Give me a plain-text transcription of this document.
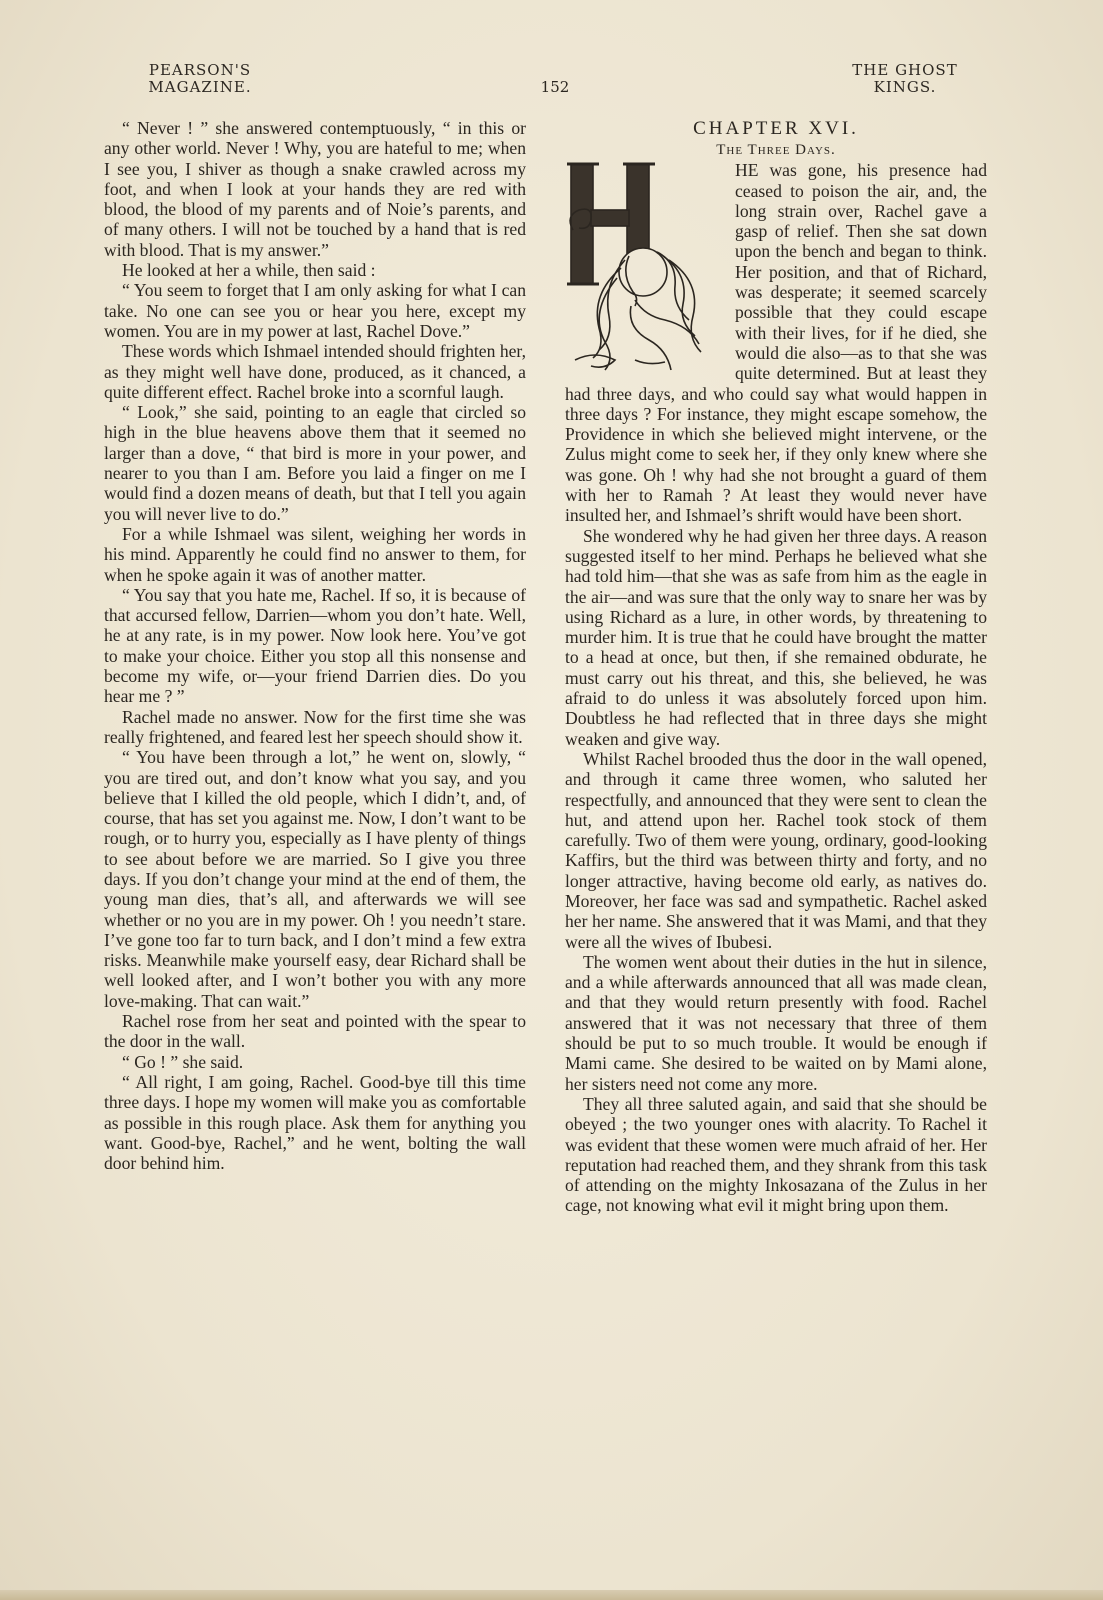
PEARSON'S
MAGAZINE.	152
THE GHOST
KINGS.

“ Never ! ” she answered contemptuously, “ in this or any other world. Never ! Why, you are hateful to me; when I see you, I shiver as though a snake crawled across my foot, and when I look at your hands they are red with blood, the blood of my parents and of Noie’s parents, and of many others. I will not be touched by a hand that is red with blood. That is my answer.”

He looked at her a while, then said :

“ You seem to forget that I am only asking for what I can take. No one can see you or hear you here, except my women. You are in my power at last, Rachel Dove.”

These words which Ishmael intended should frighten her, as they might well have done, produced, as it chanced, a quite different effect. Rachel broke into a scornful laugh.

“ Look,” she said, pointing to an eagle that circled so high in the blue heavens above them that it seemed no larger than a dove, “ that bird is more in your power, and nearer to you than I am. Before you laid a finger on me I would find a dozen means of death, but that I tell you again you will never live to do.”

For a while Ishmael was silent, weighing her words in his mind. Apparently he could find no answer to them, for when he spoke again it was of another matter.

“ You say that you hate me, Rachel. If so, it is because of that accursed fellow, Darrien—whom you don’t hate. Well, he at any rate, is in my power. Now look here. You’ve got to make your choice. Either you stop all this nonsense and become my wife, or—your friend Darrien dies. Do you hear me ? ”

Rachel made no answer. Now for the first time she was really frightened, and feared lest her speech should show it.

“ You have been through a lot,” he went on, slowly, “ you are tired out, and don’t know what you say, and you believe that I killed the old people, which I didn’t, and, of course, that has set you against me. Now, I don’t want to be rough, or to hurry you, especially as I have plenty of things to see about before we are married. So I give you three days. If you don’t change your mind at the end of them, the young man dies, that’s all, and afterwards we will see whether or no you are in my power. Oh ! you needn’t stare. I’ve gone too far to turn back, and I don’t mind a few extra risks. Meanwhile make yourself easy, dear Richard shall be well looked after, and I won’t bother you with any more love-making. That can wait.”

Rachel rose from her seat and pointed with the spear to the door in the wall.

“ Go ! ” she said.

“ All right, I am going, Rachel. Good-bye till this time three days. I hope my women will make you as comfortable as possible in this rough place. Ask them for anything you want. Good-bye, Rachel,” and he went, bolting the wall door behind him.

CHAPTER XVI.

The Three Days.

HE was gone, his presence had ceased to poison the air, and, the long strain over, Rachel gave a gasp of relief. Then she sat down upon the bench and began to think. Her position, and that of Richard, was desperate; it seemed scarcely possible that they could escape with their lives, for if he died, she would die also—as to that she was quite determined. But at least they had three days, and who could say what would happen in three days ? For instance, they might escape somehow, the Providence in which she believed might intervene, or the Zulus might come to seek her, if they only knew where she was gone. Oh ! why had she not brought a guard of them with her to Ramah ? At least they would never have insulted her, and Ishmael’s shrift would have been short.

She wondered why he had given her three days. A reason suggested itself to her mind. Perhaps he believed what she had told him—that she was as safe from him as the eagle in the air—and was sure that the only way to snare her was by using Richard as a lure, in other words, by threatening to murder him. It is true that he could have brought the matter to a head at once, but then, if she remained obdurate, he must carry out his threat, and this, she believed, he was afraid to do unless it was absolutely forced upon him. Doubtless he had reflected that in three days she might weaken and give way.

Whilst Rachel brooded thus the door in the wall opened, and through it came three women, who saluted her respectfully, and announced that they were sent to clean the hut, and attend upon her. Rachel took stock of them carefully. Two of them were young, ordinary, good-looking Kaffirs, but the third was between thirty and forty, and no longer attractive, having become old early, as natives do. Moreover, her face was sad and sympathetic. Rachel asked her her name. She answered that it was Mami, and that they were all the wives of Ibubesi.

The women went about their duties in the hut in silence, and a while afterwards announced that all was made clean, and that they would return presently with food. Rachel answered that it was not necessary that three of them should be put to so much trouble. It would be enough if Mami came. She desired to be waited on by Mami alone, her sisters need not come any more.

They all three saluted again, and said that she should be obeyed ; the two younger ones with alacrity. To Rachel it was evident that these women were much afraid of her. Her reputation had reached them, and they shrank from this task of attending on the mighty Inkosazana of the Zulus in her cage, not knowing what evil it might bring upon them.
